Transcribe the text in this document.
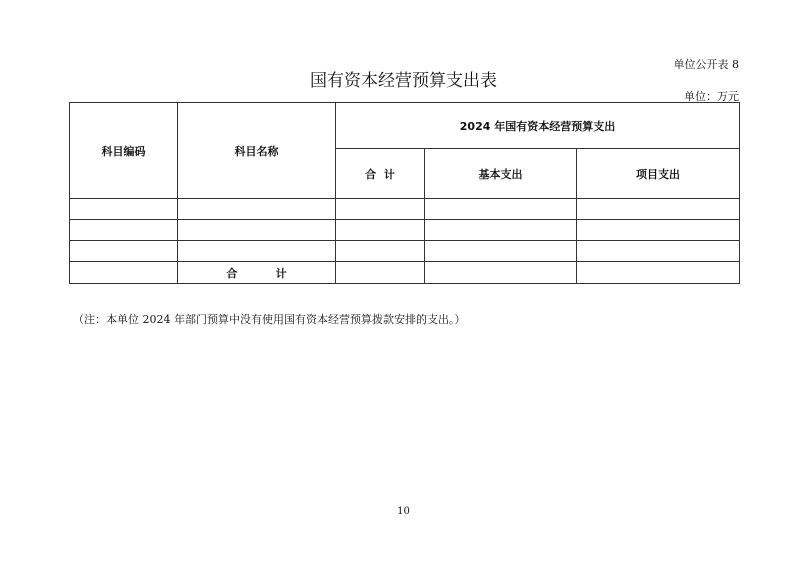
单位公开表 8
国有资本经营预算支出表
单位：万元
科目编码	科目名称	2024 年国有资本经营预算支出		
		合  计	基本支出	项目支出

	合          计			
（注：本单位 2024 年部门预算中没有使用国有资本经营预算拨款安排的支出。）
10
